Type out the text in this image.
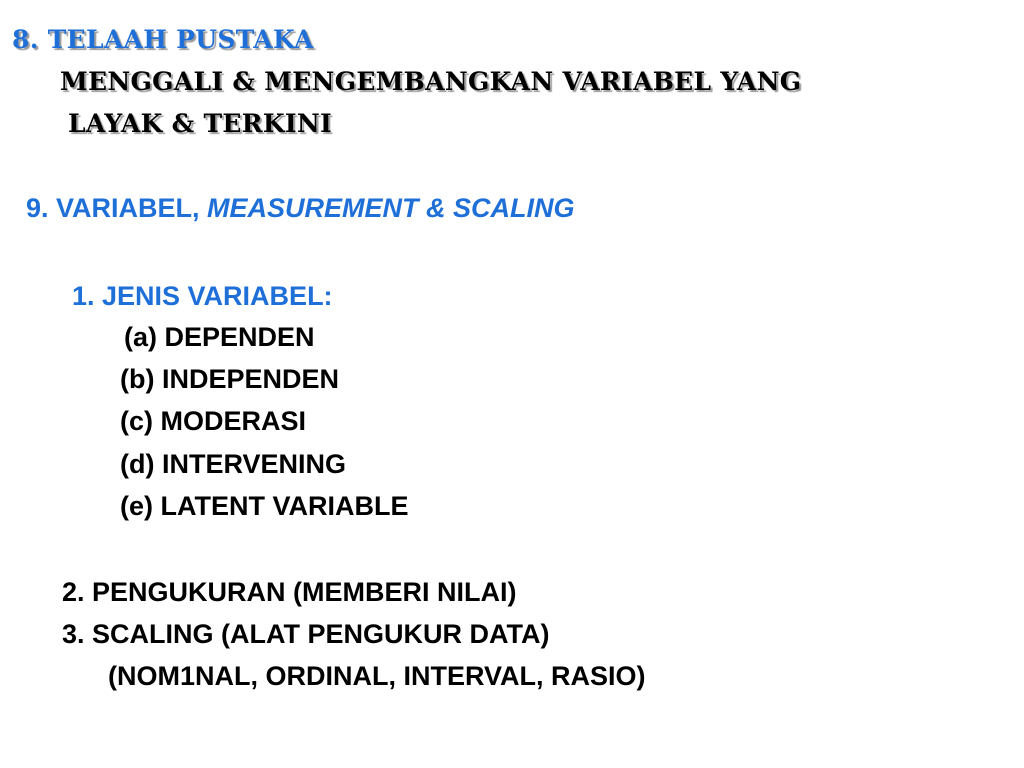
8. TELAAH PUSTAKA
MENGGALI & MENGEMBANGKAN VARIABEL YANG
LAYAK & TERKINI
9. VARIABEL, MEASUREMENT & SCALING
1. JENIS VARIABEL:
(a) DEPENDEN
(b) INDEPENDEN
(c) MODERASI
(d) INTERVENING
(e) LATENT VARIABLE
2. PENGUKURAN (MEMBERI NILAI)
3. SCALING (ALAT PENGUKUR DATA)
(NOM1NAL, ORDINAL, INTERVAL, RASIO)
